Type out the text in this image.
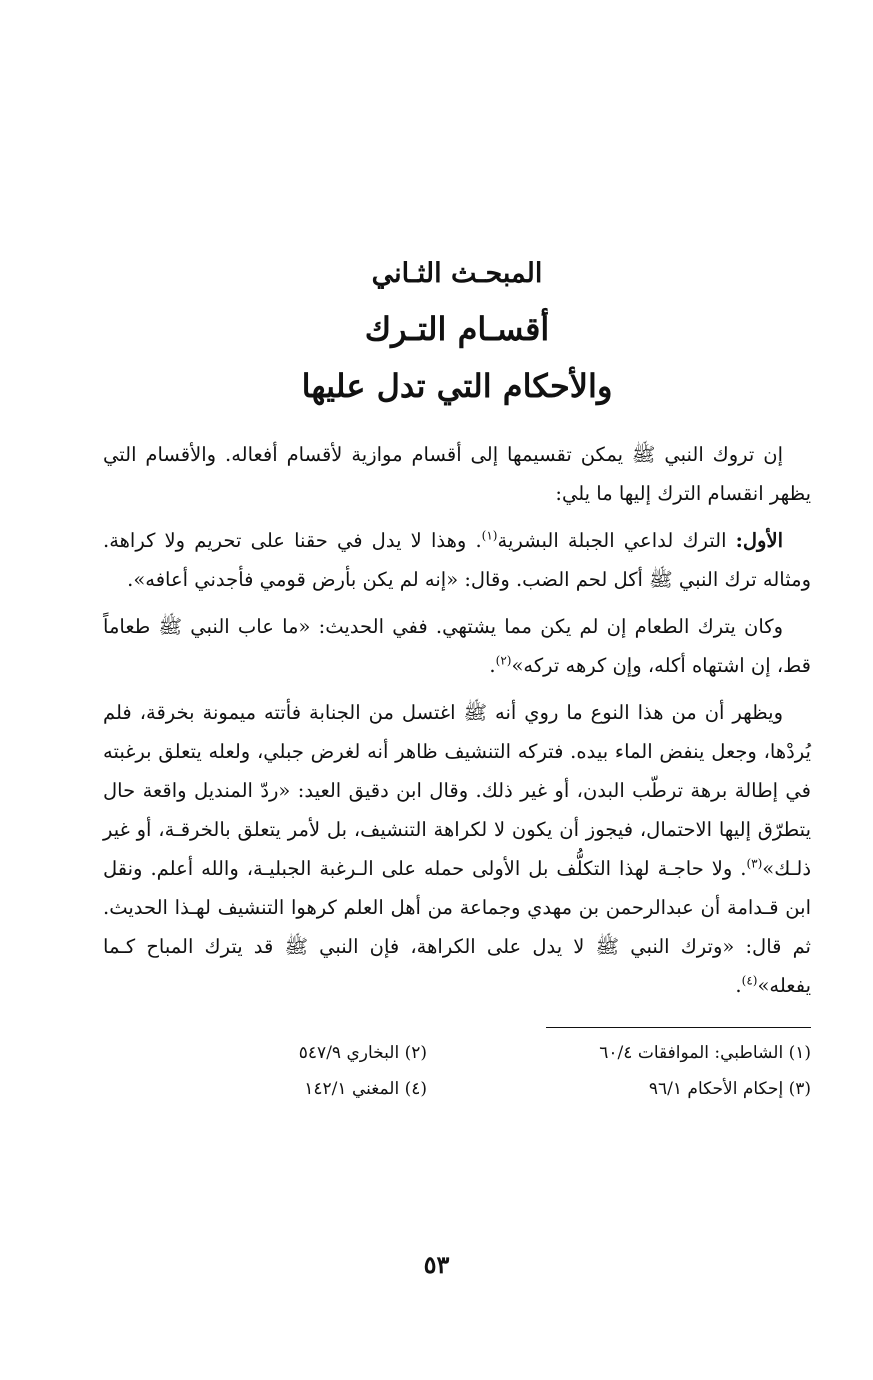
المبحـث الثـاني
أقسـام التـرك
والأحكام التي تدل عليها

إن تروك النبي ﷺ يمكن تقسيمها إلى أقسام موازية لأقسام أفعاله. والأقسام التي يظهر انقسام الترك إليها ما يلي:

الأول: الترك لداعي الجبلة البشرية$^{(١)}$. وهذا لا يدل في حقنا على تحريم ولا كراهة. ومثاله ترك النبي ﷺ أكل لحم الضب. وقال: «إنه لم يكن بأرض قومي فأجدني أعافه».

وكان يترك الطعام إن لم يكن مما يشتهي. ففي الحديث: «ما عاب النبي ﷺ طعاماً قط، إن اشتهاه أكله، وإن كرهه تركه»$^{(٢)}$.

ويظهر أن من هذا النوع ما روي أنه ﷺ اغتسل من الجنابة فأتته ميمونة بخرقة، فلم يُردْها، وجعل ينفض الماء بيده. فتركه التنشيف ظاهر أنه لغرض جبلي، ولعله يتعلق برغبته في إطالة برهة ترطّب البدن، أو غير ذلك. وقال ابن دقيق العيد: «ردّ المنديل واقعة حال يتطرّق إليها الاحتمال، فيجوز أن يكون لا لكراهة التنشيف، بل لأمر يتعلق بالخرقـة، أو غير ذلـك»$^{(٣)}$. ولا حاجـة لهذا التكلُّف بل الأولى حمله على الـرغبة الجبليـة، والله أعلم. ونقل ابن قـدامة أن عبدالرحمن بن مهدي وجماعة من أهل العلم كرهوا التنشيف لهـذا الحديث. ثم قال: «وترك النبي ﷺ لا يدل على الكراهة، فإن النبي ﷺ قد يترك المباح كـما يفعله»$^{(٤)}$.

(١) الشاطبي: الموافقات ٦٠/٤
(٢) البخاري ٥٤٧/٩
(٣) إحكام الأحكام ٩٦/١
(٤) المغني ١٤٢/١
٥٣
